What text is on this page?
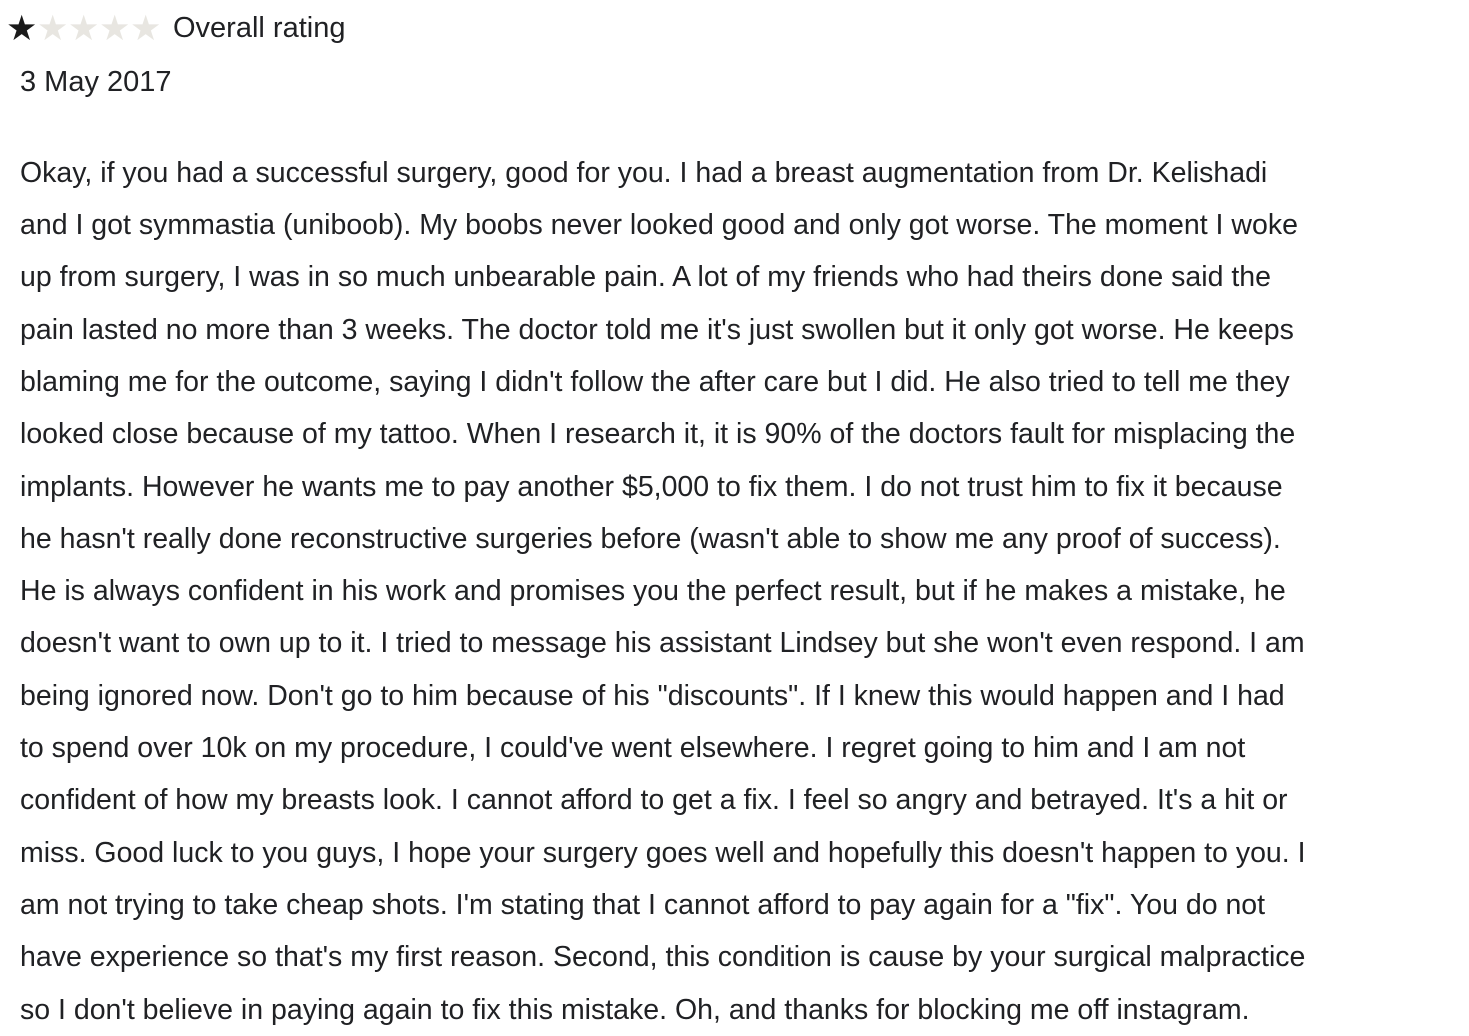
★
★
★
★
★
Overall rating
3 May 2017
Okay, if you had a successful surgery, good for you. I had a breast augmentation from Dr. Kelishadi
and I got symmastia (uniboob). My boobs never looked good and only got worse. The moment I woke
up from surgery, I was in so much unbearable pain. A lot of my friends who had theirs done said the
pain lasted no more than 3 weeks. The doctor told me it's just swollen but it only got worse. He keeps
blaming me for the outcome, saying I didn't follow the after care but I did. He also tried to tell me they
looked close because of my tattoo. When I research it, it is 90% of the doctors fault for misplacing the
implants. However he wants me to pay another $5,000 to fix them. I do not trust him to fix it because
he hasn't really done reconstructive surgeries before (wasn't able to show me any proof of success).
He is always confident in his work and promises you the perfect result, but if he makes a mistake, he
doesn't want to own up to it. I tried to message his assistant Lindsey but she won't even respond. I am
being ignored now. Don't go to him because of his "discounts". If I knew this would happen and I had
to spend over 10k on my procedure, I could've went elsewhere. I regret going to him and I am not
confident of how my breasts look. I cannot afford to get a fix. I feel so angry and betrayed. It's a hit or
miss. Good luck to you guys, I hope your surgery goes well and hopefully this doesn't happen to you. I
am not trying to take cheap shots. I'm stating that I cannot afford to pay again for a "fix". You do not
have experience so that's my first reason. Second, this condition is cause by your surgical malpractice
so I don't believe in paying again to fix this mistake. Oh, and thanks for blocking me off instagram.
